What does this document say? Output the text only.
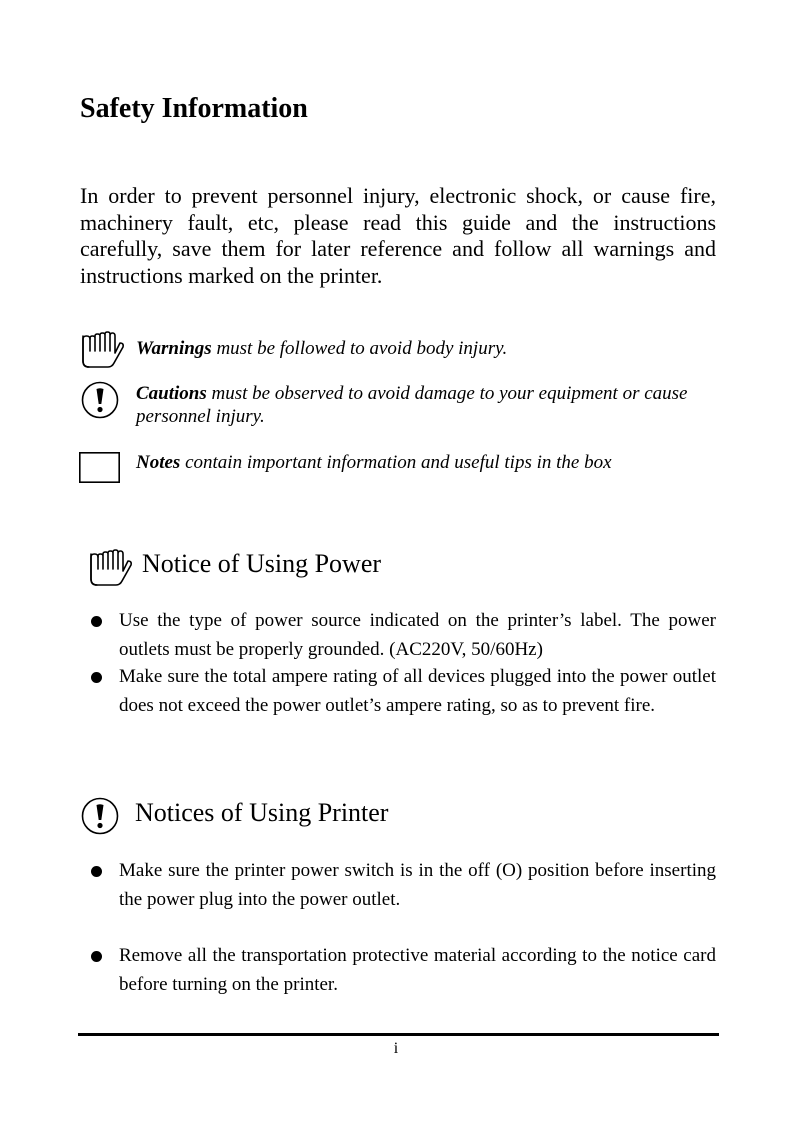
Safety Information

In order to prevent personnel injury, electronic shock, or cause fire, machinery fault, etc, please read this guide and the instructions carefully, save them for later reference and follow all warnings and instructions marked on the printer.

Warnings must be followed to avoid body injury.
Cautions must be observed to avoid damage to your equipment or cause personnel injury.
Notes contain important information and useful tips in the box
Notice of Using Power
Use the type of power source indicated on the printer’s label. The power outlets must be properly grounded. (AC220V, 50/60Hz)
Make sure the total ampere rating of all devices plugged into the power outlet does not exceed the power outlet’s ampere rating, so as to prevent fire.
Notices of Using Printer
Make sure the printer power switch is in the off (O) position before inserting the power plug into the power outlet.
Remove all the transportation protective material according to the notice card before turning on the printer.
i
